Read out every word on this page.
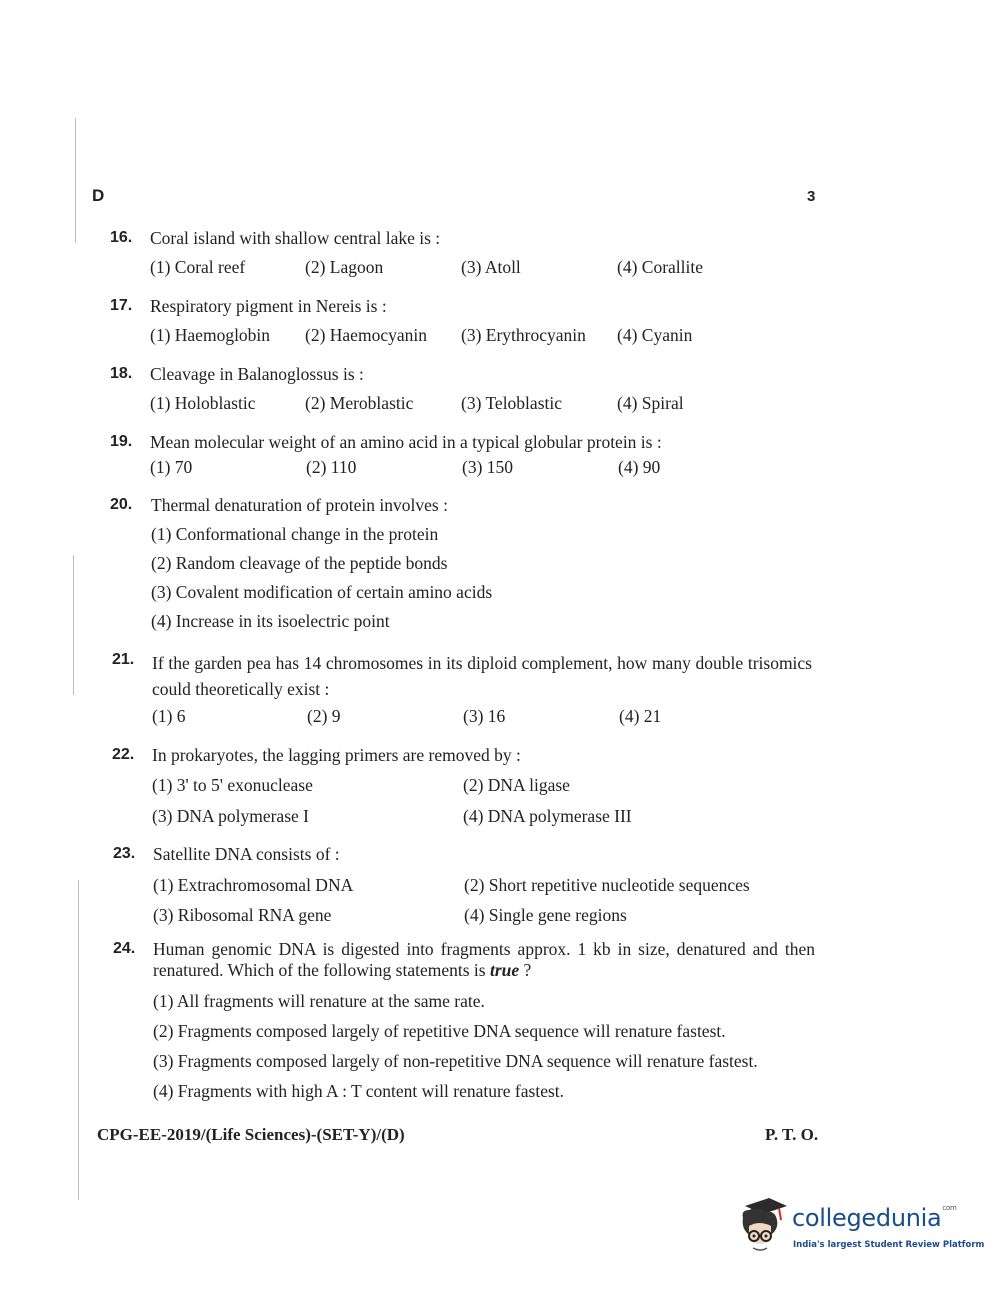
D	3
16. Coral island with shallow central lake is :
(1) Coral reef	(2) Lagoon	(3) Atoll	(4) Corallite
17. Respiratory pigment in Nereis is :
(1) Haemoglobin (2) Haemocyanin (3) Erythrocyanin (4) Cyanin
18. Cleavage in Balanoglossus is :
(1) Holoblastic	(2) Meroblastic	(3) Teloblastic	(4) Spiral
19. Mean molecular weight of an amino acid in a typical globular protein is :
(1) 70	(2) 110	(3) 150	(4) 90
20. Thermal denaturation of protein involves :
(1) Conformational change in the protein
(2) Random cleavage of the peptide bonds
(3) Covalent modification of certain amino acids
(4) Increase in its isoelectric point
21. If the garden pea has 14 chromosomes in its diploid complement, how many double trisomics could theoretically exist :
(1) 6	(2) 9	(3) 16	(4) 21
22. In prokaryotes, the lagging primers are removed by :
(1) 3' to 5' exonuclease	(2) DNA ligase
(3) DNA polymerase I	(4) DNA polymerase III
23. Satellite DNA consists of :
(1) Extrachromosomal DNA	(2) Short repetitive nucleotide sequences
(3) Ribosomal RNA gene	(4) Single gene regions
24. Human genomic DNA is digested into fragments approx. 1 kb in size, denatured and then renatured. Which of the following statements is true ?
(1) All fragments will renature at the same rate.
(2) Fragments composed largely of repetitive DNA sequence will renature fastest.
(3) Fragments composed largely of non-repetitive DNA sequence will renature fastest.
(4) Fragments with high A : T content will renature fastest.
CPG-EE-2019/(Life Sciences)-(SET-Y)/(D)	P. T. O.
collegedunia$^{com}$
India's largest Student Review Platform
